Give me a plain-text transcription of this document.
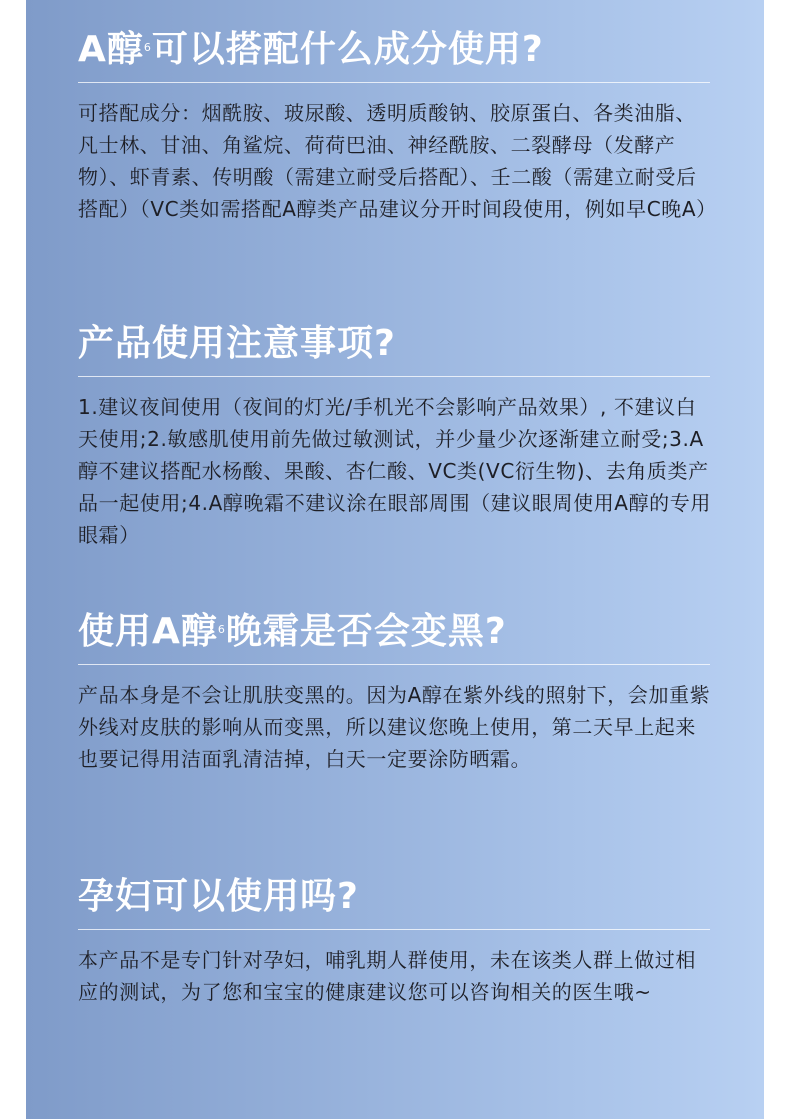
A醇$^6$可以搭配什么成分使用?
可搭配成分：烟酰胺、玻尿酸、透明质酸钠、胶原蛋白、各类油脂、凡士林、甘油、角鲨烷、荷荷巴油、神经酰胺、二裂酵母（发酵产物）、虾青素、传明酸（需建立耐受后搭配）、壬二酸（需建立耐受后搭配）（VC类如需搭配A醇类产品建议分开时间段使用，例如早C晚A）
产品使用注意事项?
1.建议夜间使用（夜间的灯光/手机光不会影响产品效果）, 不建议白天使用;2.敏感肌使用前先做过敏测试，并少量少次逐渐建立耐受;3.A醇不建议搭配水杨酸、果酸、杏仁酸、VC类(VC衍生物)、去角质类产品一起使用;4.A醇晚霜不建议涂在眼部周围（建议眼周使用A醇的专用眼霜）
使用A醇$^6$晚霜是否会变黑?
产品本身是不会让肌肤变黑的。因为A醇在紫外线的照射下，会加重紫外线对皮肤的影响从而变黑，所以建议您晚上使用，第二天早上起来也要记得用洁面乳清洁掉，白天一定要涂防晒霜。
孕妇可以使用吗?
本产品不是专门针对孕妇，哺乳期人群使用，未在该类人群上做过相应的测试，为了您和宝宝的健康建议您可以咨询相关的医生哦~
